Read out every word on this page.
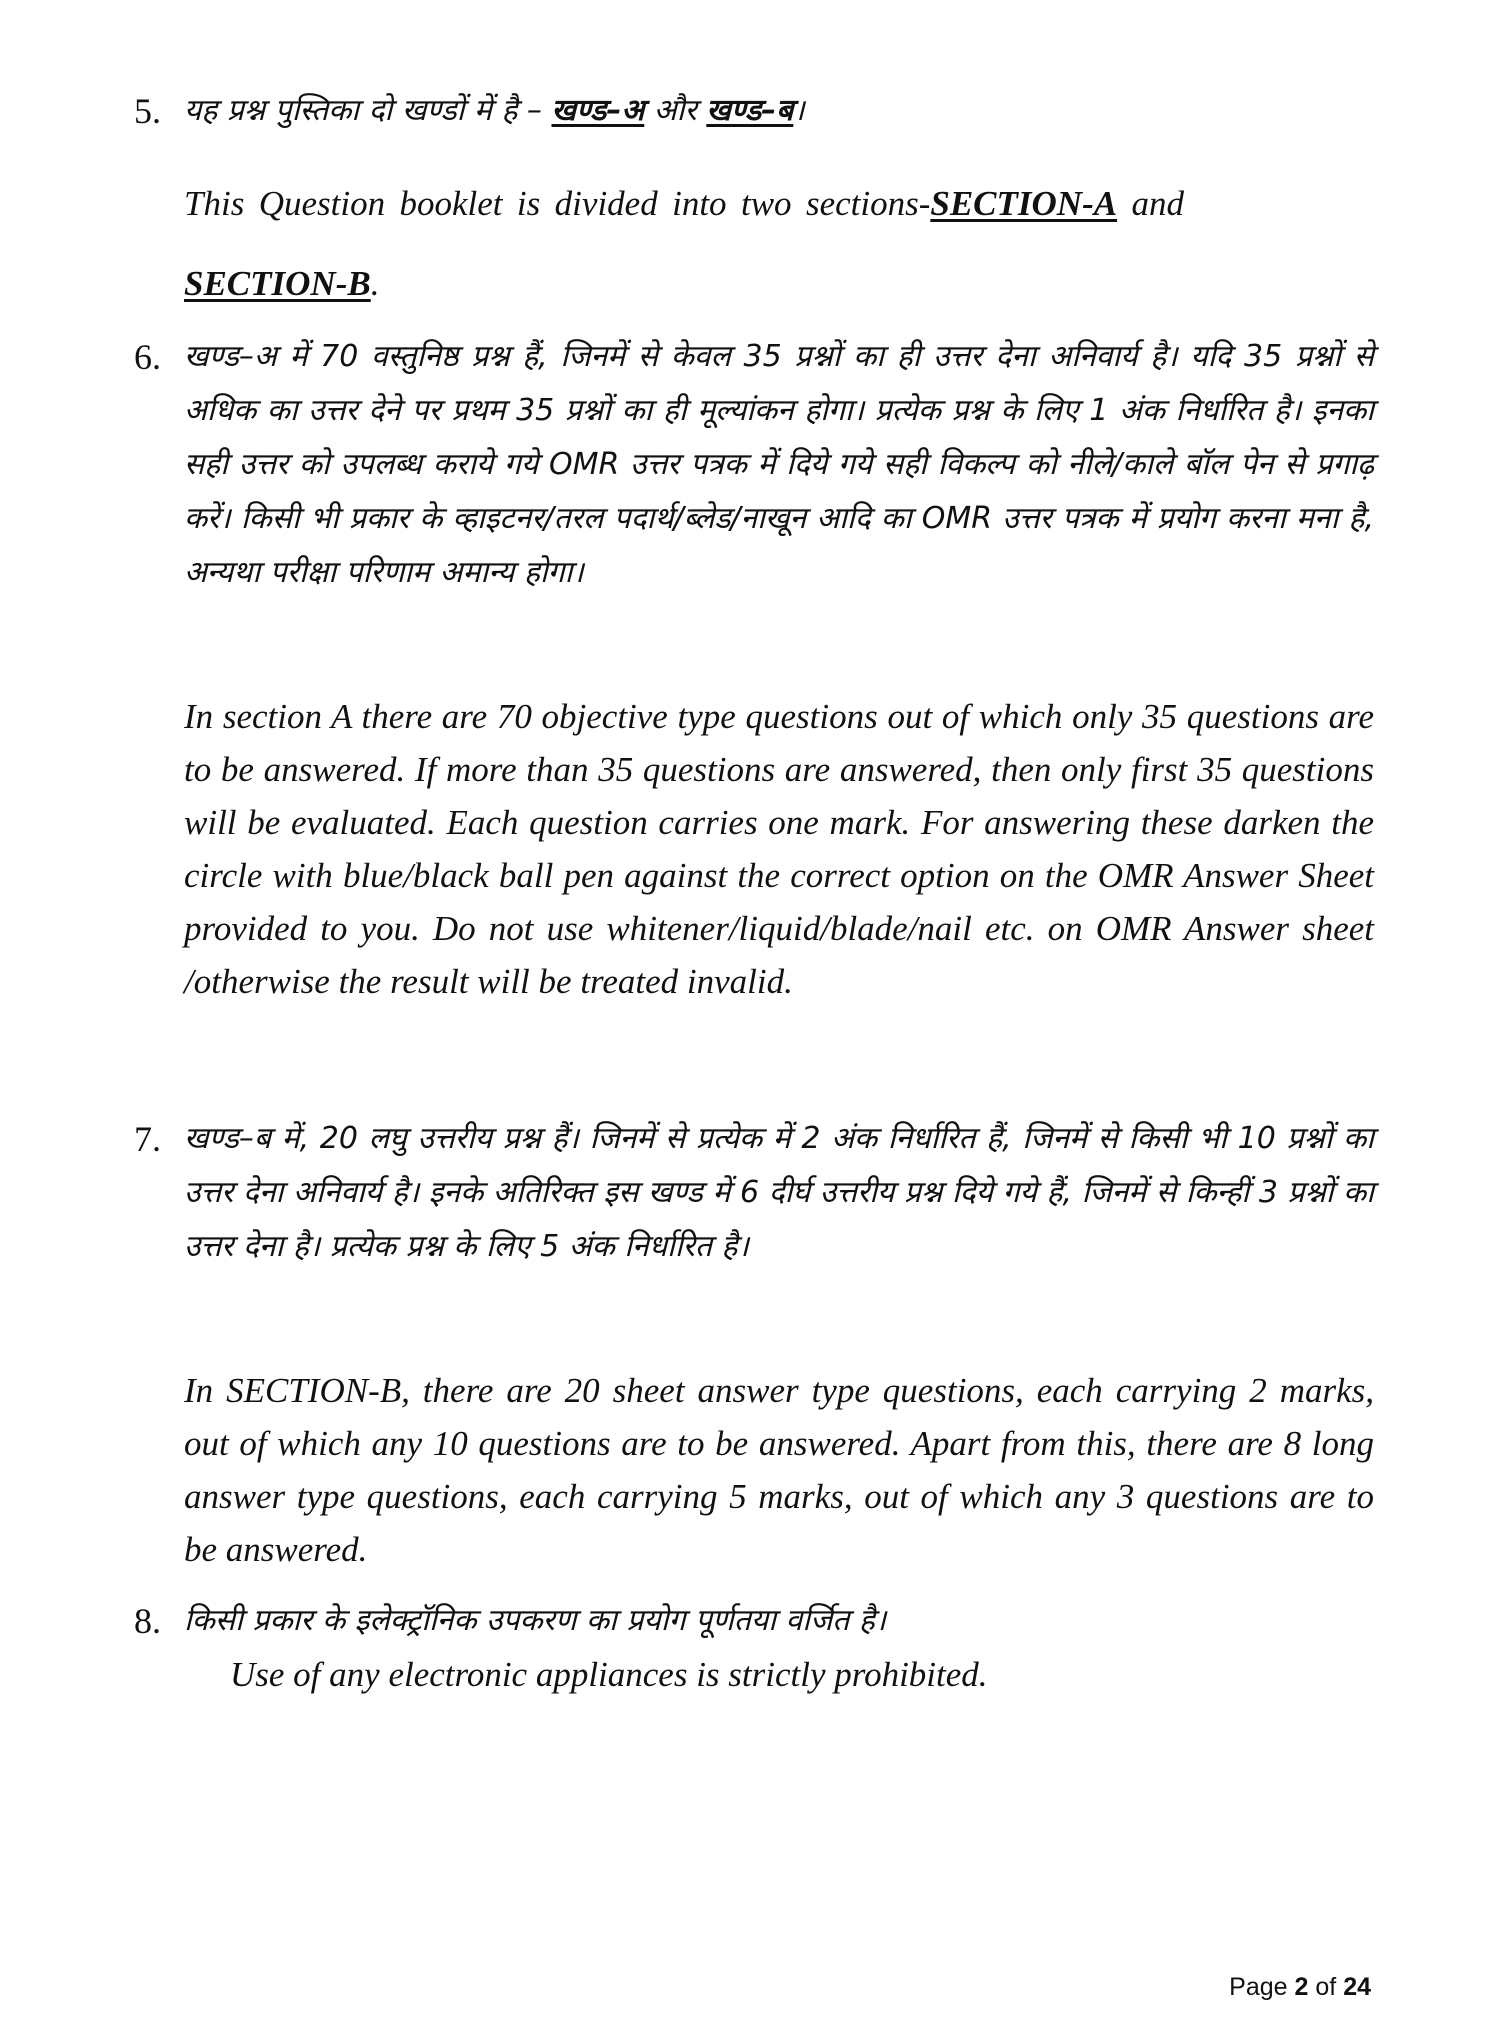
5. यह प्रश्न पुस्तिका दो खण्डों में है – खण्ड–अ और खण्ड–ब।
This Question booklet is divided into two sections-SECTION-A and SECTION-B.
6. खण्ड–अ में 70 वस्तुनिष्ठ प्रश्न हैं, जिनमें से केवल 35 प्रश्नों का ही उत्तर देना अनिवार्य है। यदि 35 प्रश्नों से अधिक का उत्तर देने पर प्रथम 35 प्रश्नों का ही मूल्यांकन होगा। प्रत्येक प्रश्न के लिए 1 अंक निर्धारित है। इनका सही उत्तर को उपलब्ध कराये गये OMR उत्तर पत्रक में दिये गये सही विकल्प को नीले/काले बॉल पेन से प्रगाढ़ करें। किसी भी प्रकार के व्हाइटनर/तरल पदार्थ/ब्लेड/नाखून आदि का OMR उत्तर पत्रक में प्रयोग करना मना है, अन्यथा परीक्षा परिणाम अमान्य होगा।
In section A there are 70 objective type questions out of which only 35 questions are to be answered. If more than 35 questions are answered, then only first 35 questions will be evaluated. Each question carries one mark. For answering these darken the circle with blue/black ball pen against the correct option on the OMR Answer Sheet provided to you. Do not use whitener/liquid/blade/nail etc. on OMR Answer sheet /otherwise the result will be treated invalid.
7. खण्ड–ब में, 20 लघु उत्तरीय प्रश्न हैं। जिनमें से प्रत्येक में 2 अंक निर्धारित हैं, जिनमें से किसी भी 10 प्रश्नों का उत्तर देना अनिवार्य है। इनके अतिरिक्त इस खण्ड में 6 दीर्घ उत्तरीय प्रश्न दिये गये हैं, जिनमें से किन्हीं 3 प्रश्नों का उत्तर देना है। प्रत्येक प्रश्न के लिए 5 अंक निर्धारित है।
In SECTION-B, there are 20 sheet answer type questions, each carrying 2 marks, out of which any 10 questions are to be answered. Apart from this, there are 8 long answer type questions, each carrying 5 marks, out of which any 3 questions are to be answered.
8. किसी प्रकार के इलेक्ट्रॉनिक उपकरण का प्रयोग पूर्णतया वर्जित है।
Use of any electronic appliances is strictly prohibited.
Page 2 of 24
